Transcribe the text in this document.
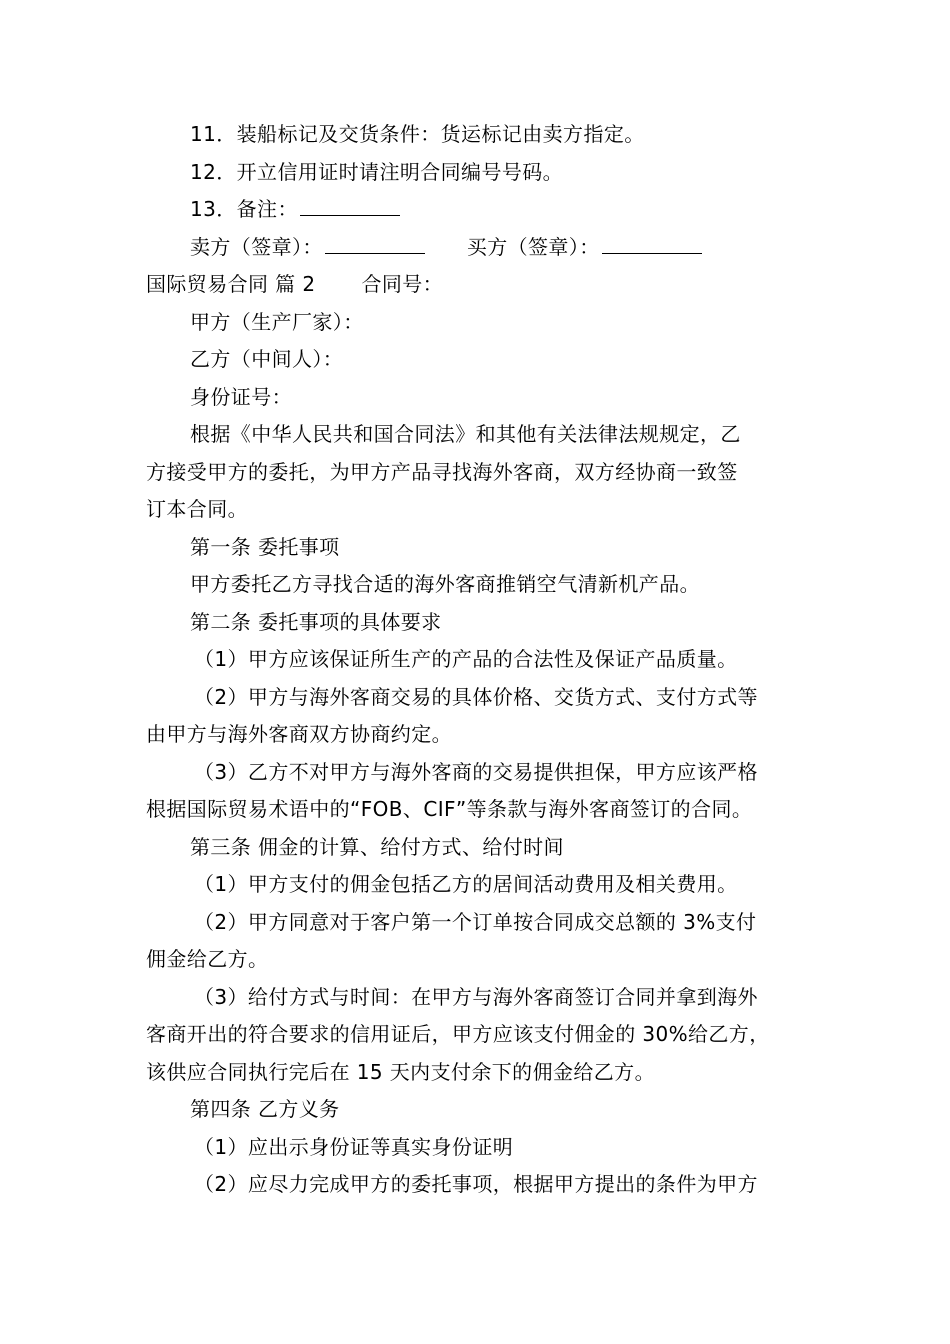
11．装船标记及交货条件：货运标记由卖方指定。
12．开立信用证时请注明合同编号号码。
13．备注：
卖方（签章）：	买方（签章）：
国际贸易合同 篇 2 合同号：
甲方（生产厂家）：
乙方（中间人）：
身份证号：
根据《中华人民共和国合同法》和其他有关法律法规规定，乙
方接受甲方的委托，为甲方产品寻找海外客商，双方经协商一致签
订本合同。
第一条 委托事项
甲方委托乙方寻找合适的海外客商推销空气清新机产品。
第二条 委托事项的具体要求
（1）甲方应该保证所生产的产品的合法性及保证产品质量。
（2）甲方与海外客商交易的具体价格、交货方式、支付方式等
由甲方与海外客商双方协商约定。
（3）乙方不对甲方与海外客商的交易提供担保，甲方应该严格
根据国际贸易术语中的“FOB、CIF”等条款与海外客商签订的合同。
第三条 佣金的计算、给付方式、给付时间
（1）甲方支付的佣金包括乙方的居间活动费用及相关费用。
（2）甲方同意对于客户第一个订单按合同成交总额的 3%支付
佣金给乙方。
（3）给付方式与时间：在甲方与海外客商签订合同并拿到海外
客商开出的符合要求的信用证后，甲方应该支付佣金的 30%给乙方，
该供应合同执行完后在 15 天内支付余下的佣金给乙方。
第四条 乙方义务
（1）应出示身份证等真实身份证明
（2）应尽力完成甲方的委托事项，根据甲方提出的条件为甲方
